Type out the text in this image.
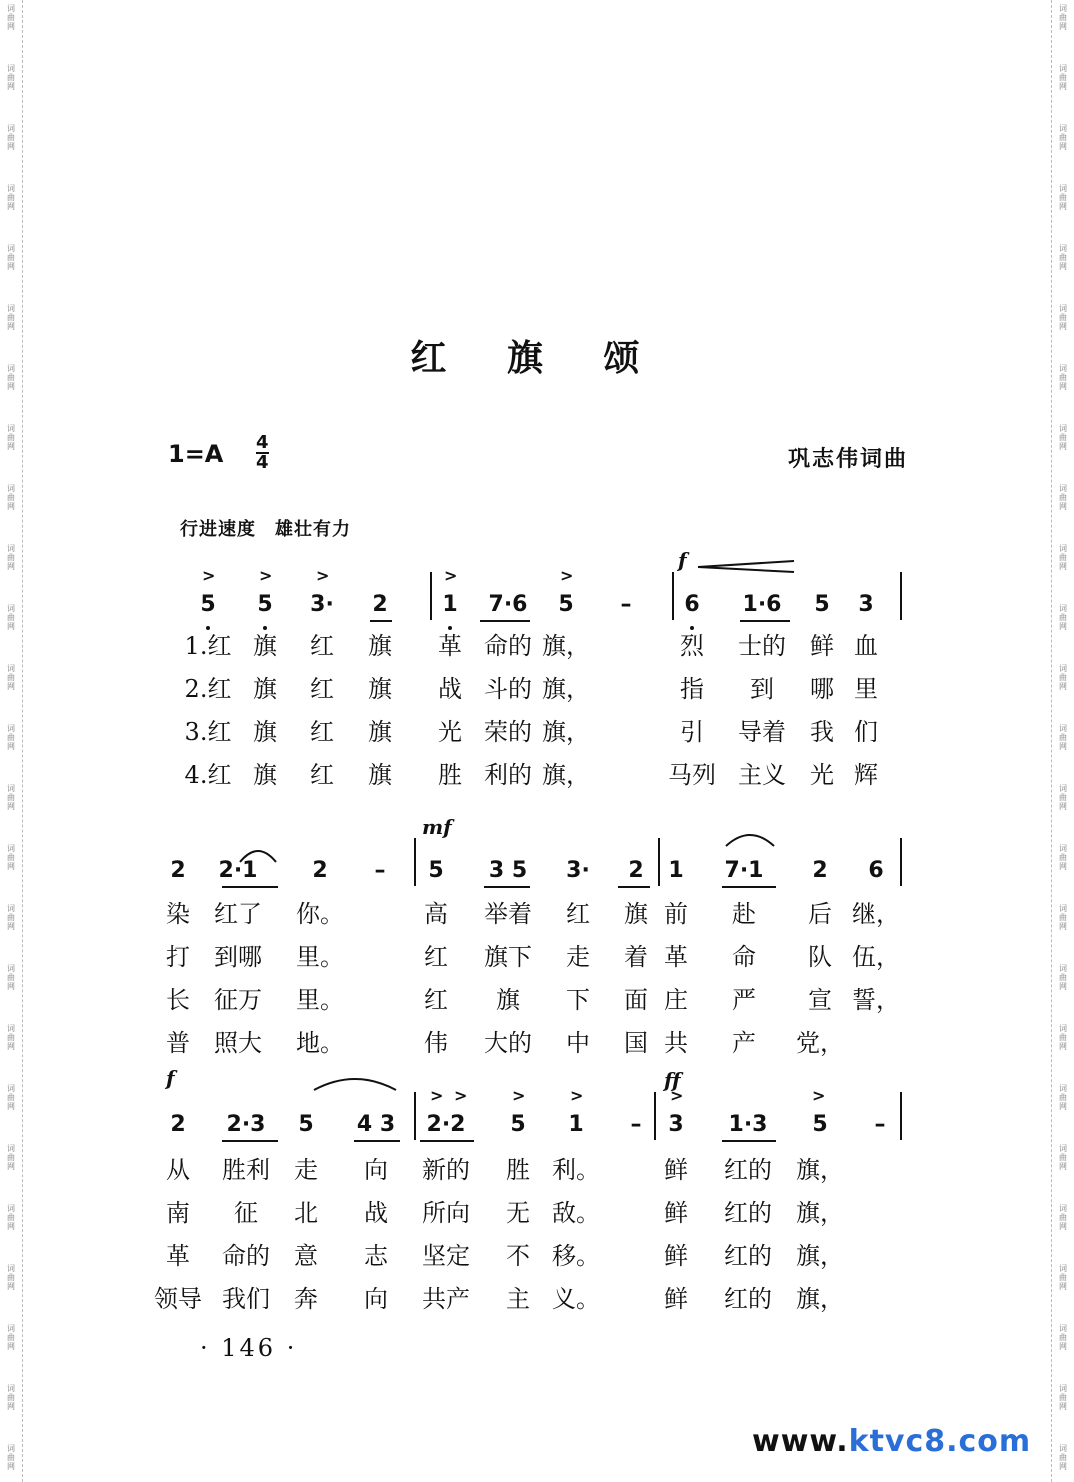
词
曲
网
词
曲
网
词
曲
网
词
曲
网
词
曲
网
词
曲
网
词
曲
网
词
曲
网
词
曲
网
词
曲
网
词
曲
网
词
曲
网
词
曲
网
词
曲
网
词
曲
网
词
曲
网
词
曲
网
词
曲
网
词
曲
网
词
曲
网
词
曲
网
词
曲
网
词
曲
网
词
曲
网
词
曲
网
词
曲
网
词
曲
网
词
曲
网
词
曲
网
词
曲
网
词
曲
网
词
曲
网
词
曲
网
词
曲
网
词
曲
网
词
曲
网
词
曲
网
词
曲
网
词
曲
网
词
曲
网
词
曲
网
词
曲
网
词
曲
网
词
曲
网
词
曲
网
词
曲
网
词
曲
网
词
曲
网
词
曲
网
词
曲
网
红 旗 颂
1=A 4
4	巩志伟词曲
行进速度　雄壮有力
f
mf
f	ff
5 5 3· 2 1 7·6 5 – 6 1·6 5 3
1.红 旗 红 旗 革 命的 旗，	烈 士的 鲜 血
2.红 旗 红 旗 战 斗的 旗，	指 到 哪 里
3.红 旗 红 旗 光 荣的 旗，	引 导着 我 们
4.红 旗 红 旗 胜 利的 旗，	马列 主义 光 辉
>	>	>	>	>
2 2·1 2 – 5 3 5 3· 2 1 7·1 2 6
染 红了 你。	高 举着 红 旗 前 赴 后 继，
打 到哪 里。	红 旗下 走 着 革 命 队 伍，
长 征万 里。	红 旗 下 面 庄 严 宣 誓，
普 照大 地。	伟 大的 中 国 共 产 党，
2 2·3 5 4 3 2·2 5 1 – 3 1·3 5 –
从 胜利 走 向 新的 胜 利。	鲜 红的 旗，
南 征 北 战 所向 无 敌。	鲜 红的 旗，
革 命的 意 志 坚定 不 移。	鲜 红的 旗，
领导 我们 奔 向 共产 主 义。	鲜 红的 旗，
> >	>	>	>	>
· 146 ·
www.ktvc8.com
